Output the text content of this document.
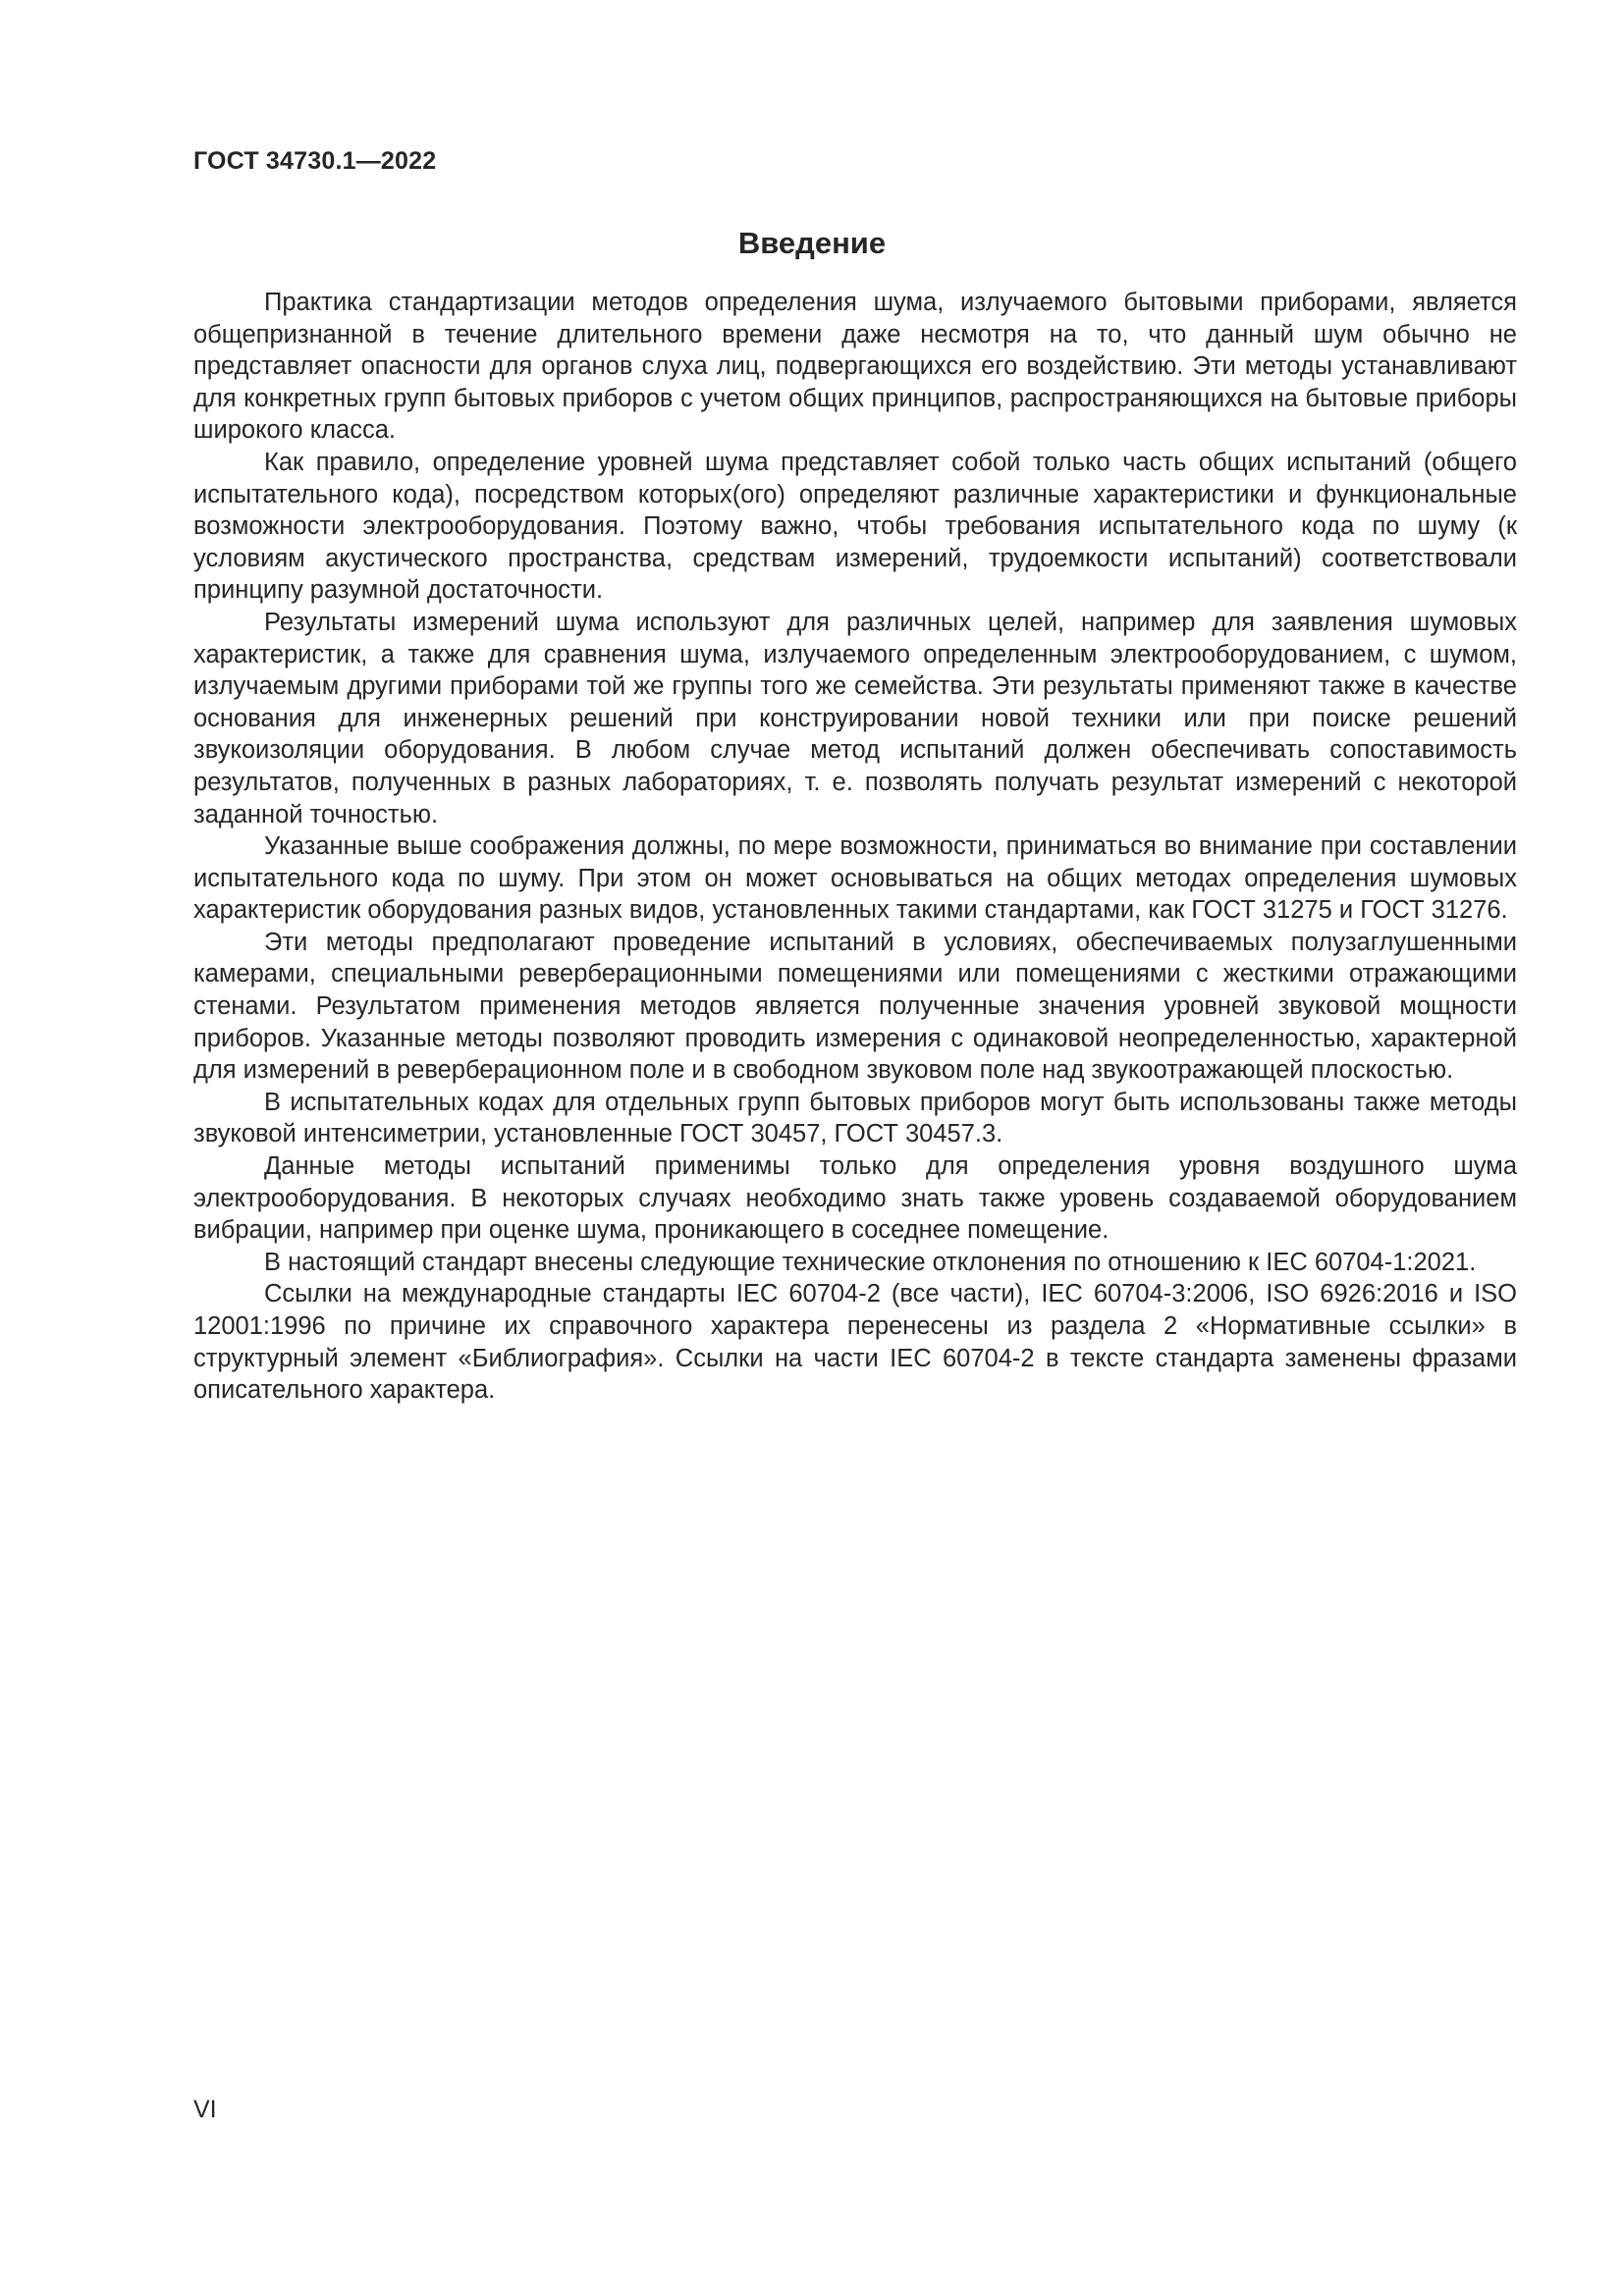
ГОСТ 34730.1—2022

Введение

Практика стандартизации методов определения шума, излучаемого бытовыми приборами, является общепризнанной в течение длительного времени даже несмотря на то, что данный шум обычно не представляет опасности для органов слуха лиц, подвергающихся его воздействию. Эти методы устанавливают для конкретных групп бытовых приборов с учетом общих принципов, распространяющихся на бытовые приборы широкого класса.

Как правило, определение уровней шума представляет собой только часть общих испытаний (общего испытательного кода), посредством которых(ого) определяют различные характеристики и функциональные возможности электрооборудования. Поэтому важно, чтобы требования испытательного кода по шуму (к условиям акустического пространства, средствам измерений, трудоемкости испытаний) соответствовали принципу разумной достаточности.

Результаты измерений шума используют для различных целей, например для заявления шумовых характеристик, а также для сравнения шума, излучаемого определенным электрооборудованием, с шумом, излучаемым другими приборами той же группы того же семейства. Эти результаты применяют также в качестве основания для инженерных решений при конструировании новой техники или при поиске решений звукоизоляции оборудования. В любом случае метод испытаний должен обеспечивать сопоставимость результатов, полученных в разных лабораториях, т. е. позволять получать результат измерений с некоторой заданной точностью.

Указанные выше соображения должны, по мере возможности, приниматься во внимание при составлении испытательного кода по шуму. При этом он может основываться на общих методах определения шумовых характеристик оборудования разных видов, установленных такими стандартами, как ГОСТ 31275 и ГОСТ 31276.

Эти методы предполагают проведение испытаний в условиях, обеспечиваемых полузаглушенными камерами, специальными реверберационными помещениями или помещениями с жесткими отражающими стенами. Результатом применения методов является полученные значения уровней звуковой мощности приборов. Указанные методы позволяют проводить измерения с одинаковой неопределенностью, характерной для измерений в реверберационном поле и в свободном звуковом поле над звукоотражающей плоскостью.

В испытательных кодах для отдельных групп бытовых приборов могут быть использованы также методы звуковой интенсиметрии, установленные ГОСТ 30457, ГОСТ 30457.3.

Данные методы испытаний применимы только для определения уровня воздушного шума электрооборудования. В некоторых случаях необходимо знать также уровень создаваемой оборудованием вибрации, например при оценке шума, проникающего в соседнее помещение.

В настоящий стандарт внесены следующие технические отклонения по отношению к IEC 60704-1:2021.

Ссылки на международные стандарты IEC 60704-2 (все части), IEC 60704-3:2006, ISO 6926:2016 и ISO 12001:1996 по причине их справочного характера перенесены из раздела 2 «Нормативные ссылки» в структурный элемент «Библиография». Ссылки на части IEC 60704-2 в тексте стандарта заменены фразами описательного характера.

VI
